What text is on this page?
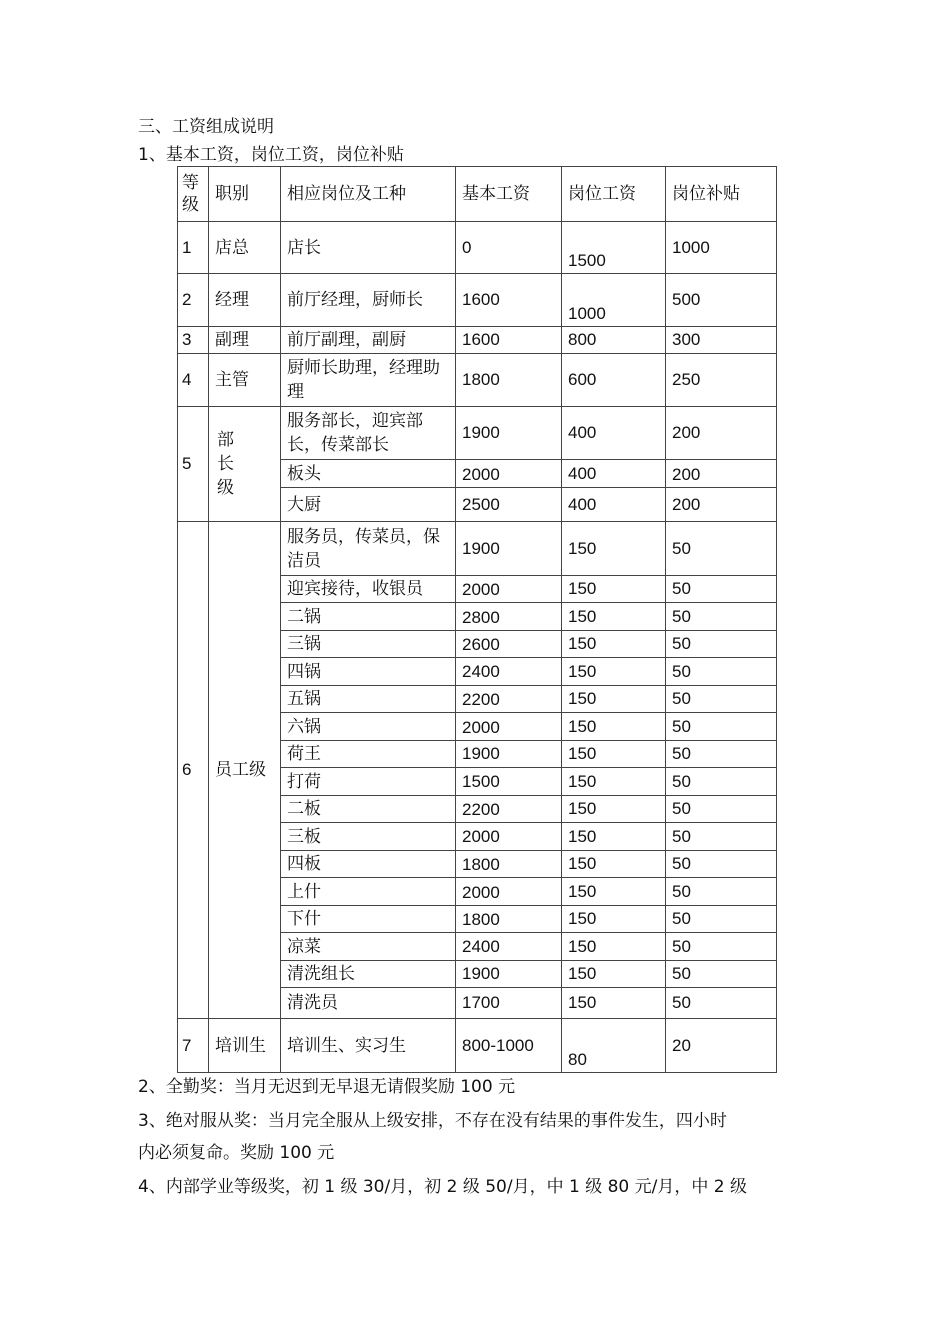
三、工资组成说明
1、基本工资，岗位工资，岗位补贴
等级	职别	相应岗位及工种	基本工资	岗位工资	岗位补贴
1	店总	店长	0	1500	1000
2	经理	前厅经理，厨师长	1600	1000	500
3	副理	前厅副理，副厨	1600	800	300
4	主管	厨师长助理，经理助理	1800	600	250
5	部长级	服务部长，迎宾部长，传菜部长	1900	400	200
		板头	2000	400	200
		大厨	2500	400	200
6	员工级	服务员，传菜员，保洁员	1900	150	50
		迎宾接待，收银员	2000	150	50
		二锅	2800	150	50
		三锅	2600	150	50
		四锅	2400	150	50
		五锅	2200	150	50
		六锅	2000	150	50
		荷王	1900	150	50
		打荷	1500	150	50
		二板	2200	150	50
		三板	2000	150	50
		四板	1800	150	50
		上什	2000	150	50
		下什	1800	150	50
		凉菜	2400	150	50
		清洗组长	1900	150	50
		清洗员	1700	150	50
7	培训生	培训生、实习生	800-1000	80	20
2、全勤奖：当月无迟到无早退无请假奖励 100 元
3、绝对服从奖：当月完全服从上级安排，不存在没有结果的事件发生，四小时
内必须复命。奖励 100 元
4、内部学业等级奖，初 1 级 30/月，初 2 级 50/月，中 1 级 80 元/月，中 2 级
